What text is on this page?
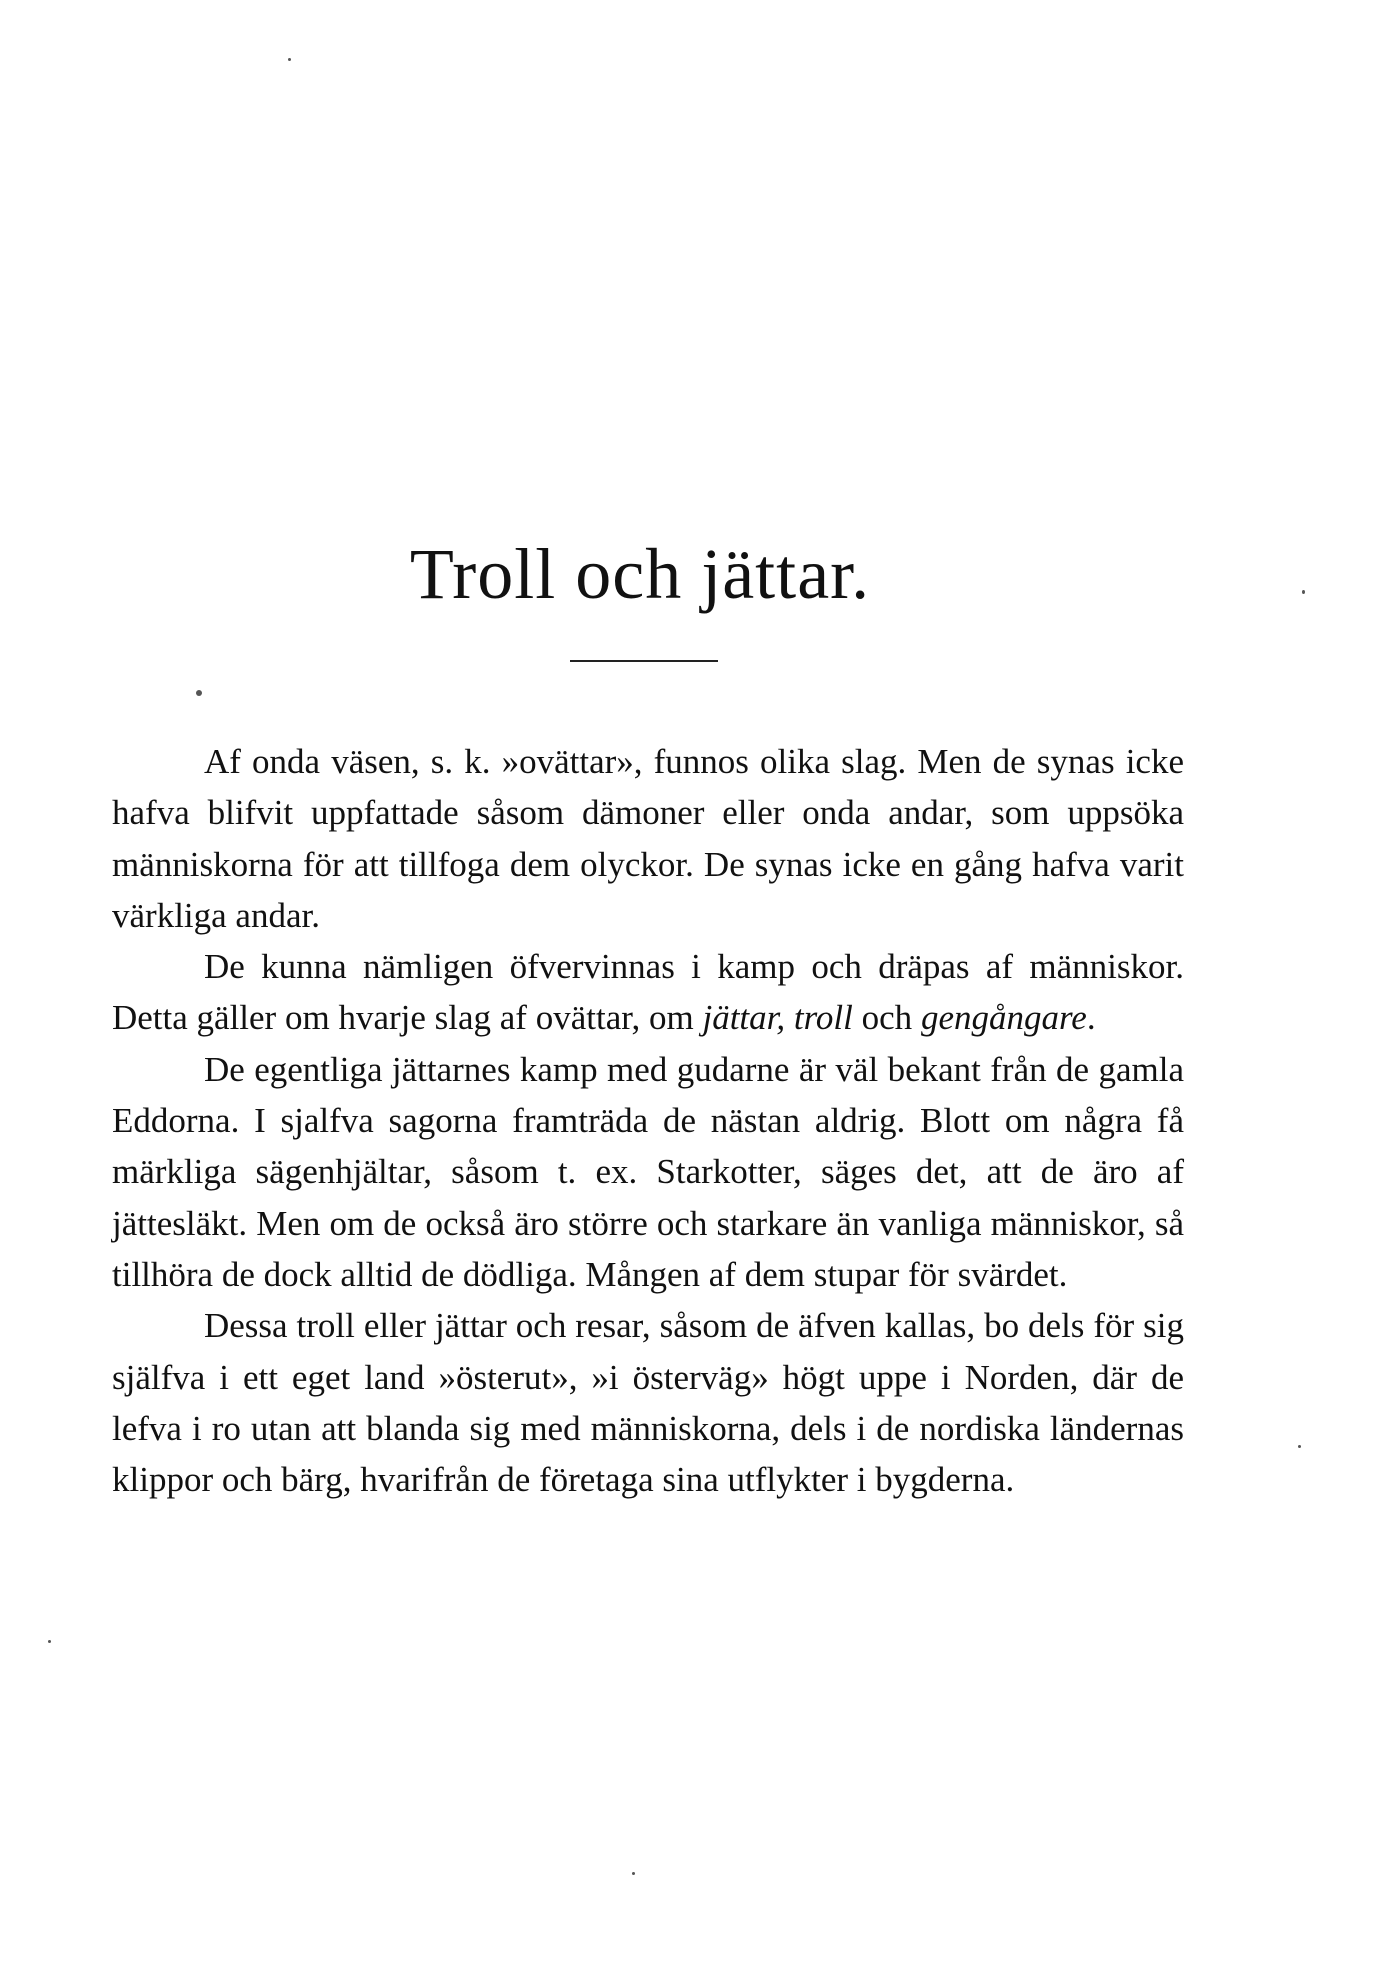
Troll och jättar.

Af onda väsen, s. k. »ovättar», funnos olika slag. Men de synas icke hafva blifvit uppfattade såsom dämoner eller onda andar, som uppsöka människorna för att tillfoga dem olyckor. De synas icke en gång hafva varit värkliga andar.

De kunna nämligen öfvervinnas i kamp och dräpas af människor. Detta gäller om hvarje slag af ovättar, om jättar, troll och gengångare.

De egentliga jättarnes kamp med gudarne är väl bekant från de gamla Eddorna. I sjalfva sagorna framträda de nästan aldrig. Blott om några få märkliga sägenhjältar, såsom t. ex. Starkotter, säges det, att de äro af jättesläkt. Men om de också äro större och starkare än vanliga människor, så tillhöra de dock alltid de dödliga. Mången af dem stupar för svärdet.

Dessa troll eller jättar och resar, såsom de äfven kallas, bo dels för sig själfva i ett eget land »österut», »i österväg» högt uppe i Norden, där de lefva i ro utan att blanda sig med människorna, dels i de nordiska ländernas klippor och bärg, hvarifrån de företaga sina utflykter i bygderna.
